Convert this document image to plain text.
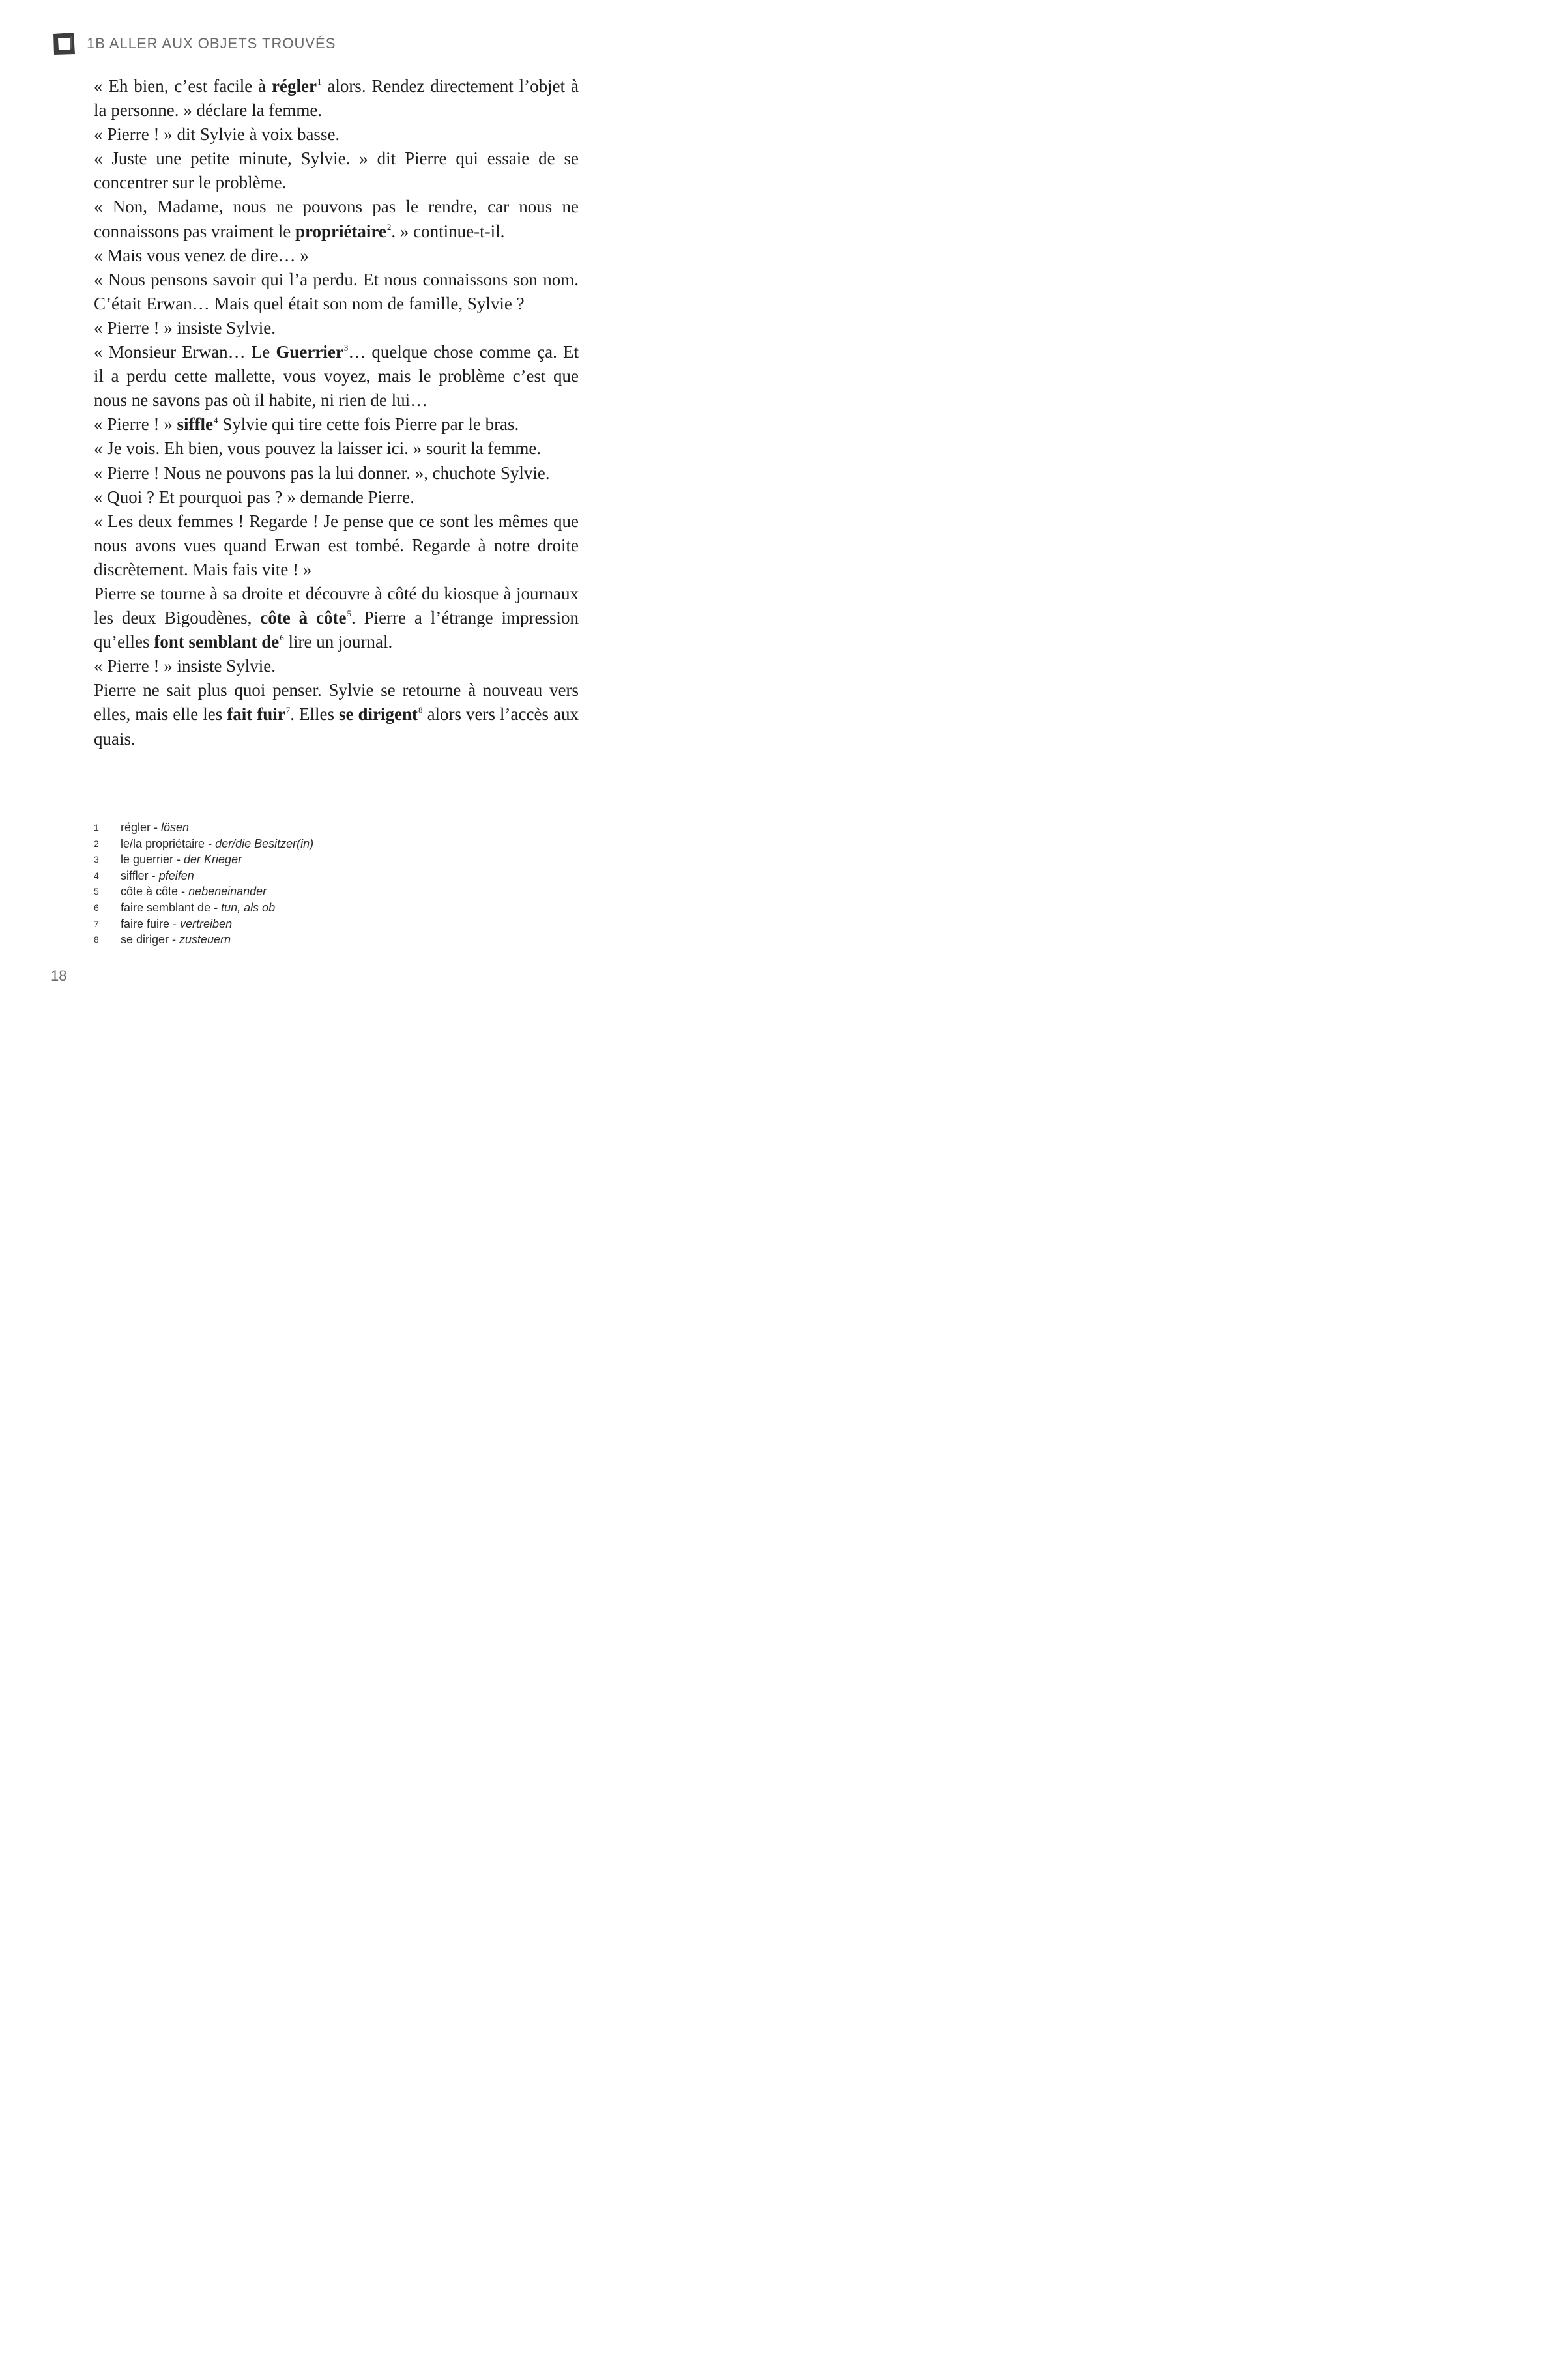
1B ALLER AUX OBJETS TROUVÉS

« Eh bien, c’est facile à régler$^1$ alors. Rendez directement l’objet à la personne. » déclare la femme.

« Pierre ! » dit Sylvie à voix basse.

« Juste une petite minute, Sylvie. » dit Pierre qui essaie de se concentrer sur le problème.

« Non, Madame, nous ne pouvons pas le rendre, car nous ne connaissons pas vraiment le propriétaire$^2$. » continue-t-il.

« Mais vous venez de dire… »

« Nous pensons savoir qui l’a perdu. Et nous connaissons son nom. C’était Erwan… Mais quel était son nom de famille, Sylvie ?

« Pierre ! » insiste Sylvie.

« Monsieur Erwan… Le Guerrier$^3$… quelque chose comme ça. Et il a perdu cette mallette, vous voyez, mais le problème c’est que nous ne savons pas où il habite, ni rien de lui…

« Pierre ! » siffle$^4$ Sylvie qui tire cette fois Pierre par le bras.

« Je vois. Eh bien, vous pouvez la laisser ici. » sourit la femme.

« Pierre ! Nous ne pouvons pas la lui donner. », chuchote Sylvie.

« Quoi ? Et pourquoi pas ? » demande Pierre.

« Les deux femmes ! Regarde ! Je pense que ce sont les mêmes que nous avons vues quand Erwan est tombé. Regarde à notre droite discrètement. Mais fais vite ! »

Pierre se tourne à sa droite et découvre à côté du kiosque à journaux les deux Bigoudènes, côte à côte$^5$. Pierre a l’étrange impression qu’elles font semblant $de^6$ lire un journal.

« Pierre ! » insiste Sylvie.

Pierre ne sait plus quoi penser. Sylvie se retourne à nouveau vers elles, mais elle les fait fuir$^7$. Elles se dirigent$^8$ alors vers l’accès aux quais.

1	régler - lösen
2	le/la propriétaire - der/die Besitzer(in)
3	le guerrier - der Krieger
4	siffler - pfeifen
5	côte à côte - nebeneinander
6	faire semblant de - tun, als ob
7	faire fuire - vertreiben
8	se diriger - zusteuern
18
